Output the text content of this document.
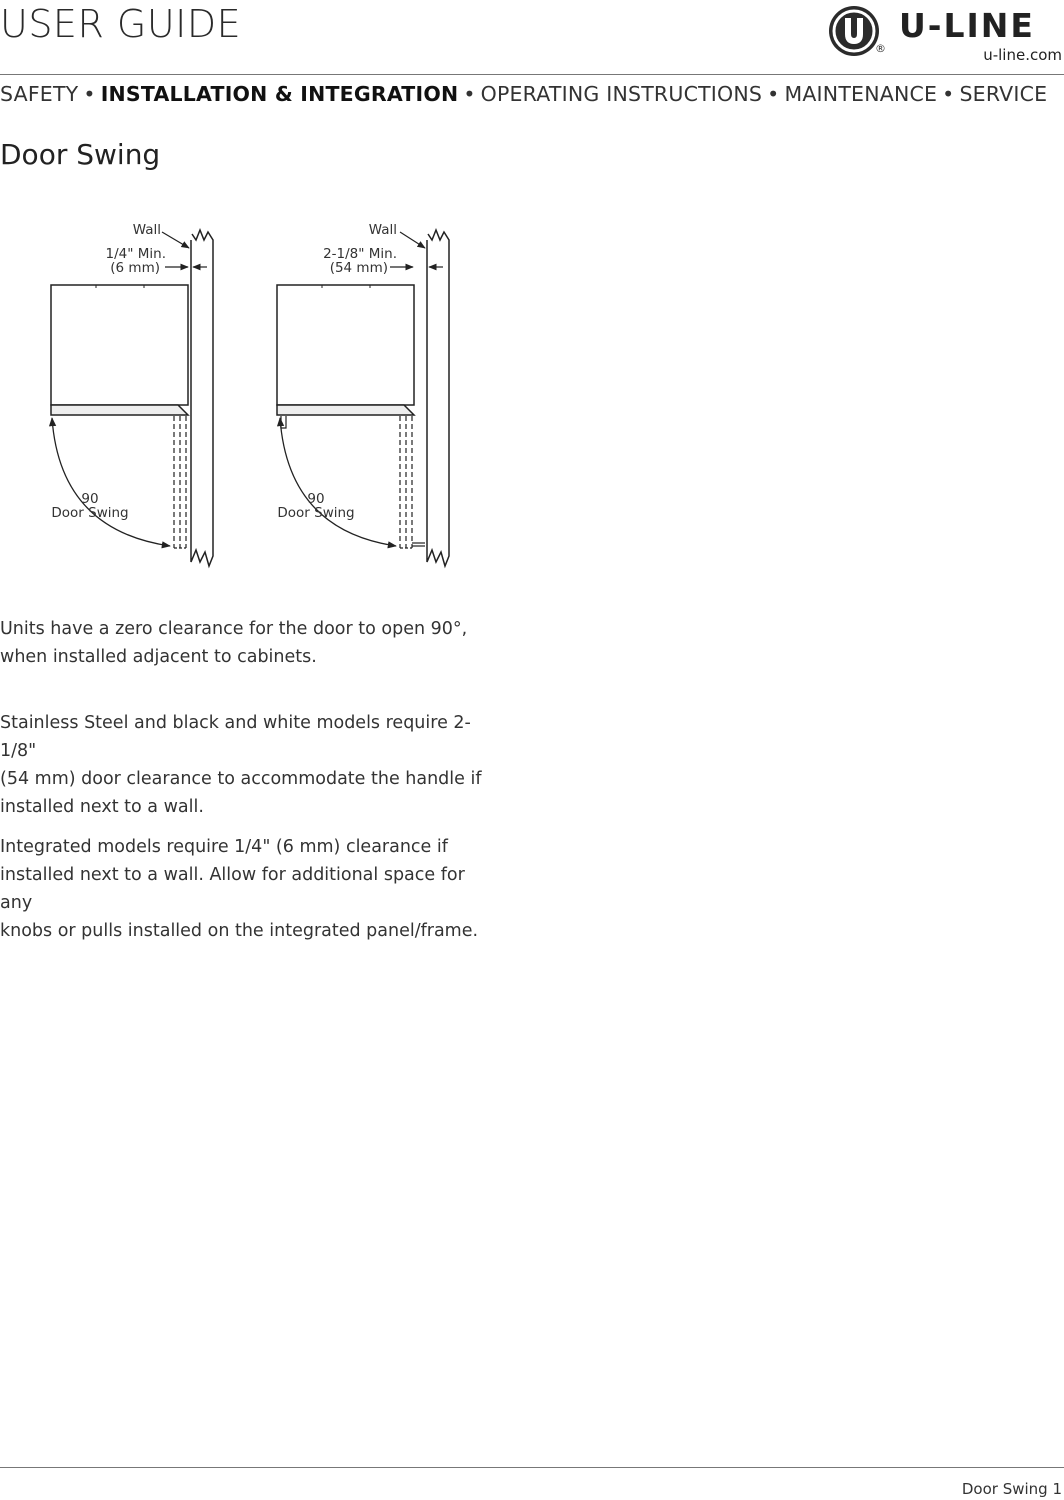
USER GUIDE
®
U-LINE
u-line.com
SAFETY • INSTALLATION & INTEGRATION • OPERATING INSTRUCTIONS • MAINTENANCE • SERVICE
Door Swing
Wall
1/4" Min.
(6 mm)
90
Door Swing
Wall
2-1/8" Min.
(54 mm)
90
Door Swing
Units have a zero clearance for the door to open 90°,
when installed adjacent to cabinets.
Stainless Steel and black and white models require 2-1/8"
(54 mm) door clearance to accommodate the handle if
installed next to a wall.
Integrated models require 1/4" (6 mm) clearance if
installed next to a wall. Allow for additional space for any
knobs or pulls installed on the integrated panel/frame.
Door Swing 1
